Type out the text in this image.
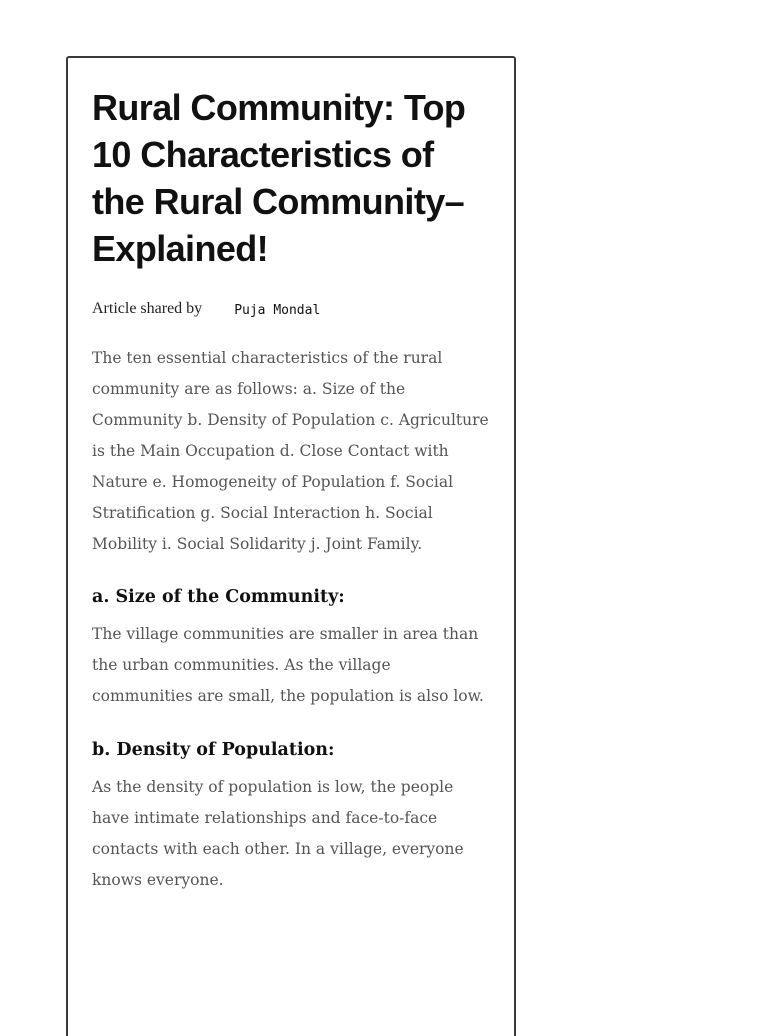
Rural Community: Top 10 Characteristics of the Rural Community– Explained!
Article shared by Puja Mondal

The ten essential characteristics of the rural community are as follows: a. Size of the Community b. Density of Population c. Agriculture is the Main Occupation d. Close Contact with Nature e. Homogeneity of Population f. Social Stratification g. Social Interaction h. Social Mobility i. Social Solidarity j. Joint Family.

a. Size of the Community:

The village communities are smaller in area than the urban communities. As the village communities are small, the population is also low.

b. Density of Population:

As the density of population is low, the people have intimate relationships and face-to-face contacts with each other. In a village, everyone knows everyone.
